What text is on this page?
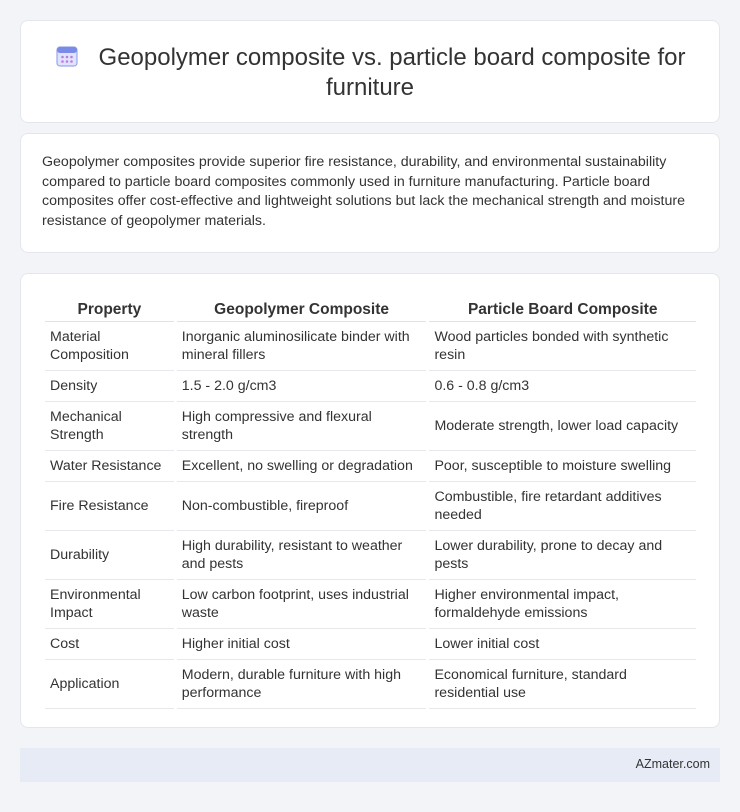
Geopolymer composite vs. particle board composite for furniture

Geopolymer composites provide superior fire resistance, durability, and environmental sustainability compared to particle board composites commonly used in furniture manufacturing. Particle board composites offer cost-effective and lightweight solutions but lack the mechanical strength and moisture resistance of geopolymer materials.

Property	Geopolymer Composite	Particle Board Composite
Material Composition	Inorganic aluminosilicate binder with mineral fillers	Wood particles bonded with synthetic resin
Density	1.5 - 2.0 g/cm3	0.6 - 0.8 g/cm3
Mechanical Strength	High compressive and flexural strength	Moderate strength, lower load capacity
Water Resistance	Excellent, no swelling or degradation	Poor, susceptible to moisture swelling
Fire Resistance	Non-combustible, fireproof	Combustible, fire retardant additives needed
Durability	High durability, resistant to weather and pests	Lower durability, prone to decay and pests
Environmental Impact	Low carbon footprint, uses industrial waste	Higher environmental impact, formaldehyde emissions
Cost	Higher initial cost	Lower initial cost
Application	Modern, durable furniture with high performance	Economical furniture, standard residential use
AZmater.com
